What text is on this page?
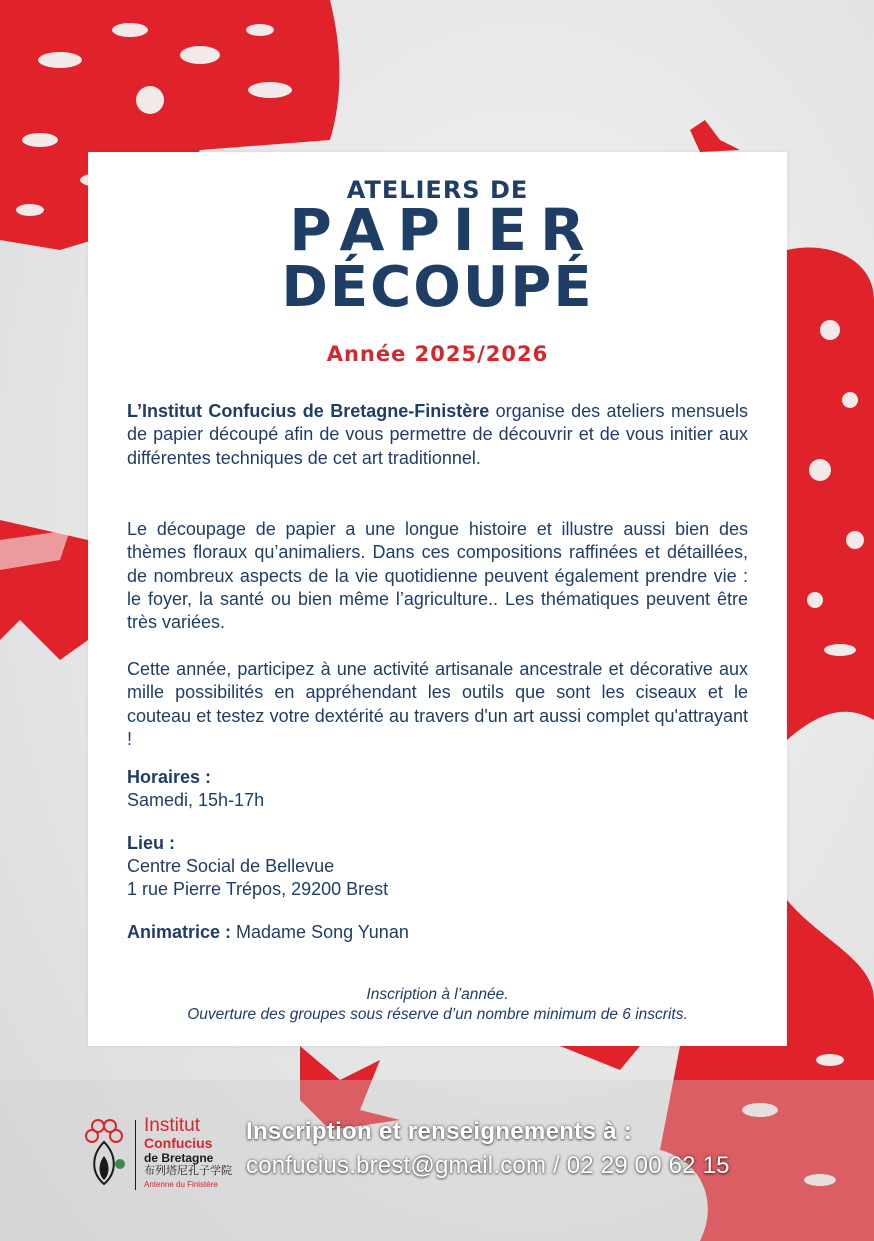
ATELIERS DE
PAPIER
DÉCOUPÉ
Année 2025/2026
L’Institut Confucius de Bretagne-Finistère organise des ateliers mensuels de papier découpé afin de vous permettre de découvrir et de vous initier aux différentes techniques de cet art traditionnel.
Le découpage de papier a une longue histoire et illustre aussi bien des thèmes floraux qu’animaliers. Dans ces compositions raffinées et détaillées, de nombreux aspects de la vie quotidienne peuvent également prendre vie : le foyer, la santé ou bien même l’agriculture.. Les thématiques peuvent être très variées.
Cette année, participez à une activité artisanale ancestrale et décorative aux mille possibilités en appréhendant les outils que sont les ciseaux et le couteau et testez votre dextérité au travers d'un art aussi complet qu'attrayant !
Horaires :
Samedi, 15h-17h
Lieu :
Centre Social de Bellevue
1 rue Pierre Trépos, 29200 Brest
Animatrice : Madame Song Yunan
Inscription à l’année.
Ouverture des groupes sous réserve d’un nombre minimum de 6 inscrits.
Institut
Confucius
de Bretagne
布列塔尼孔子学院
Antenne du Finistère
Inscription et renseignements à :
confucius.brest@gmail.com / 02 29 00 62 15
